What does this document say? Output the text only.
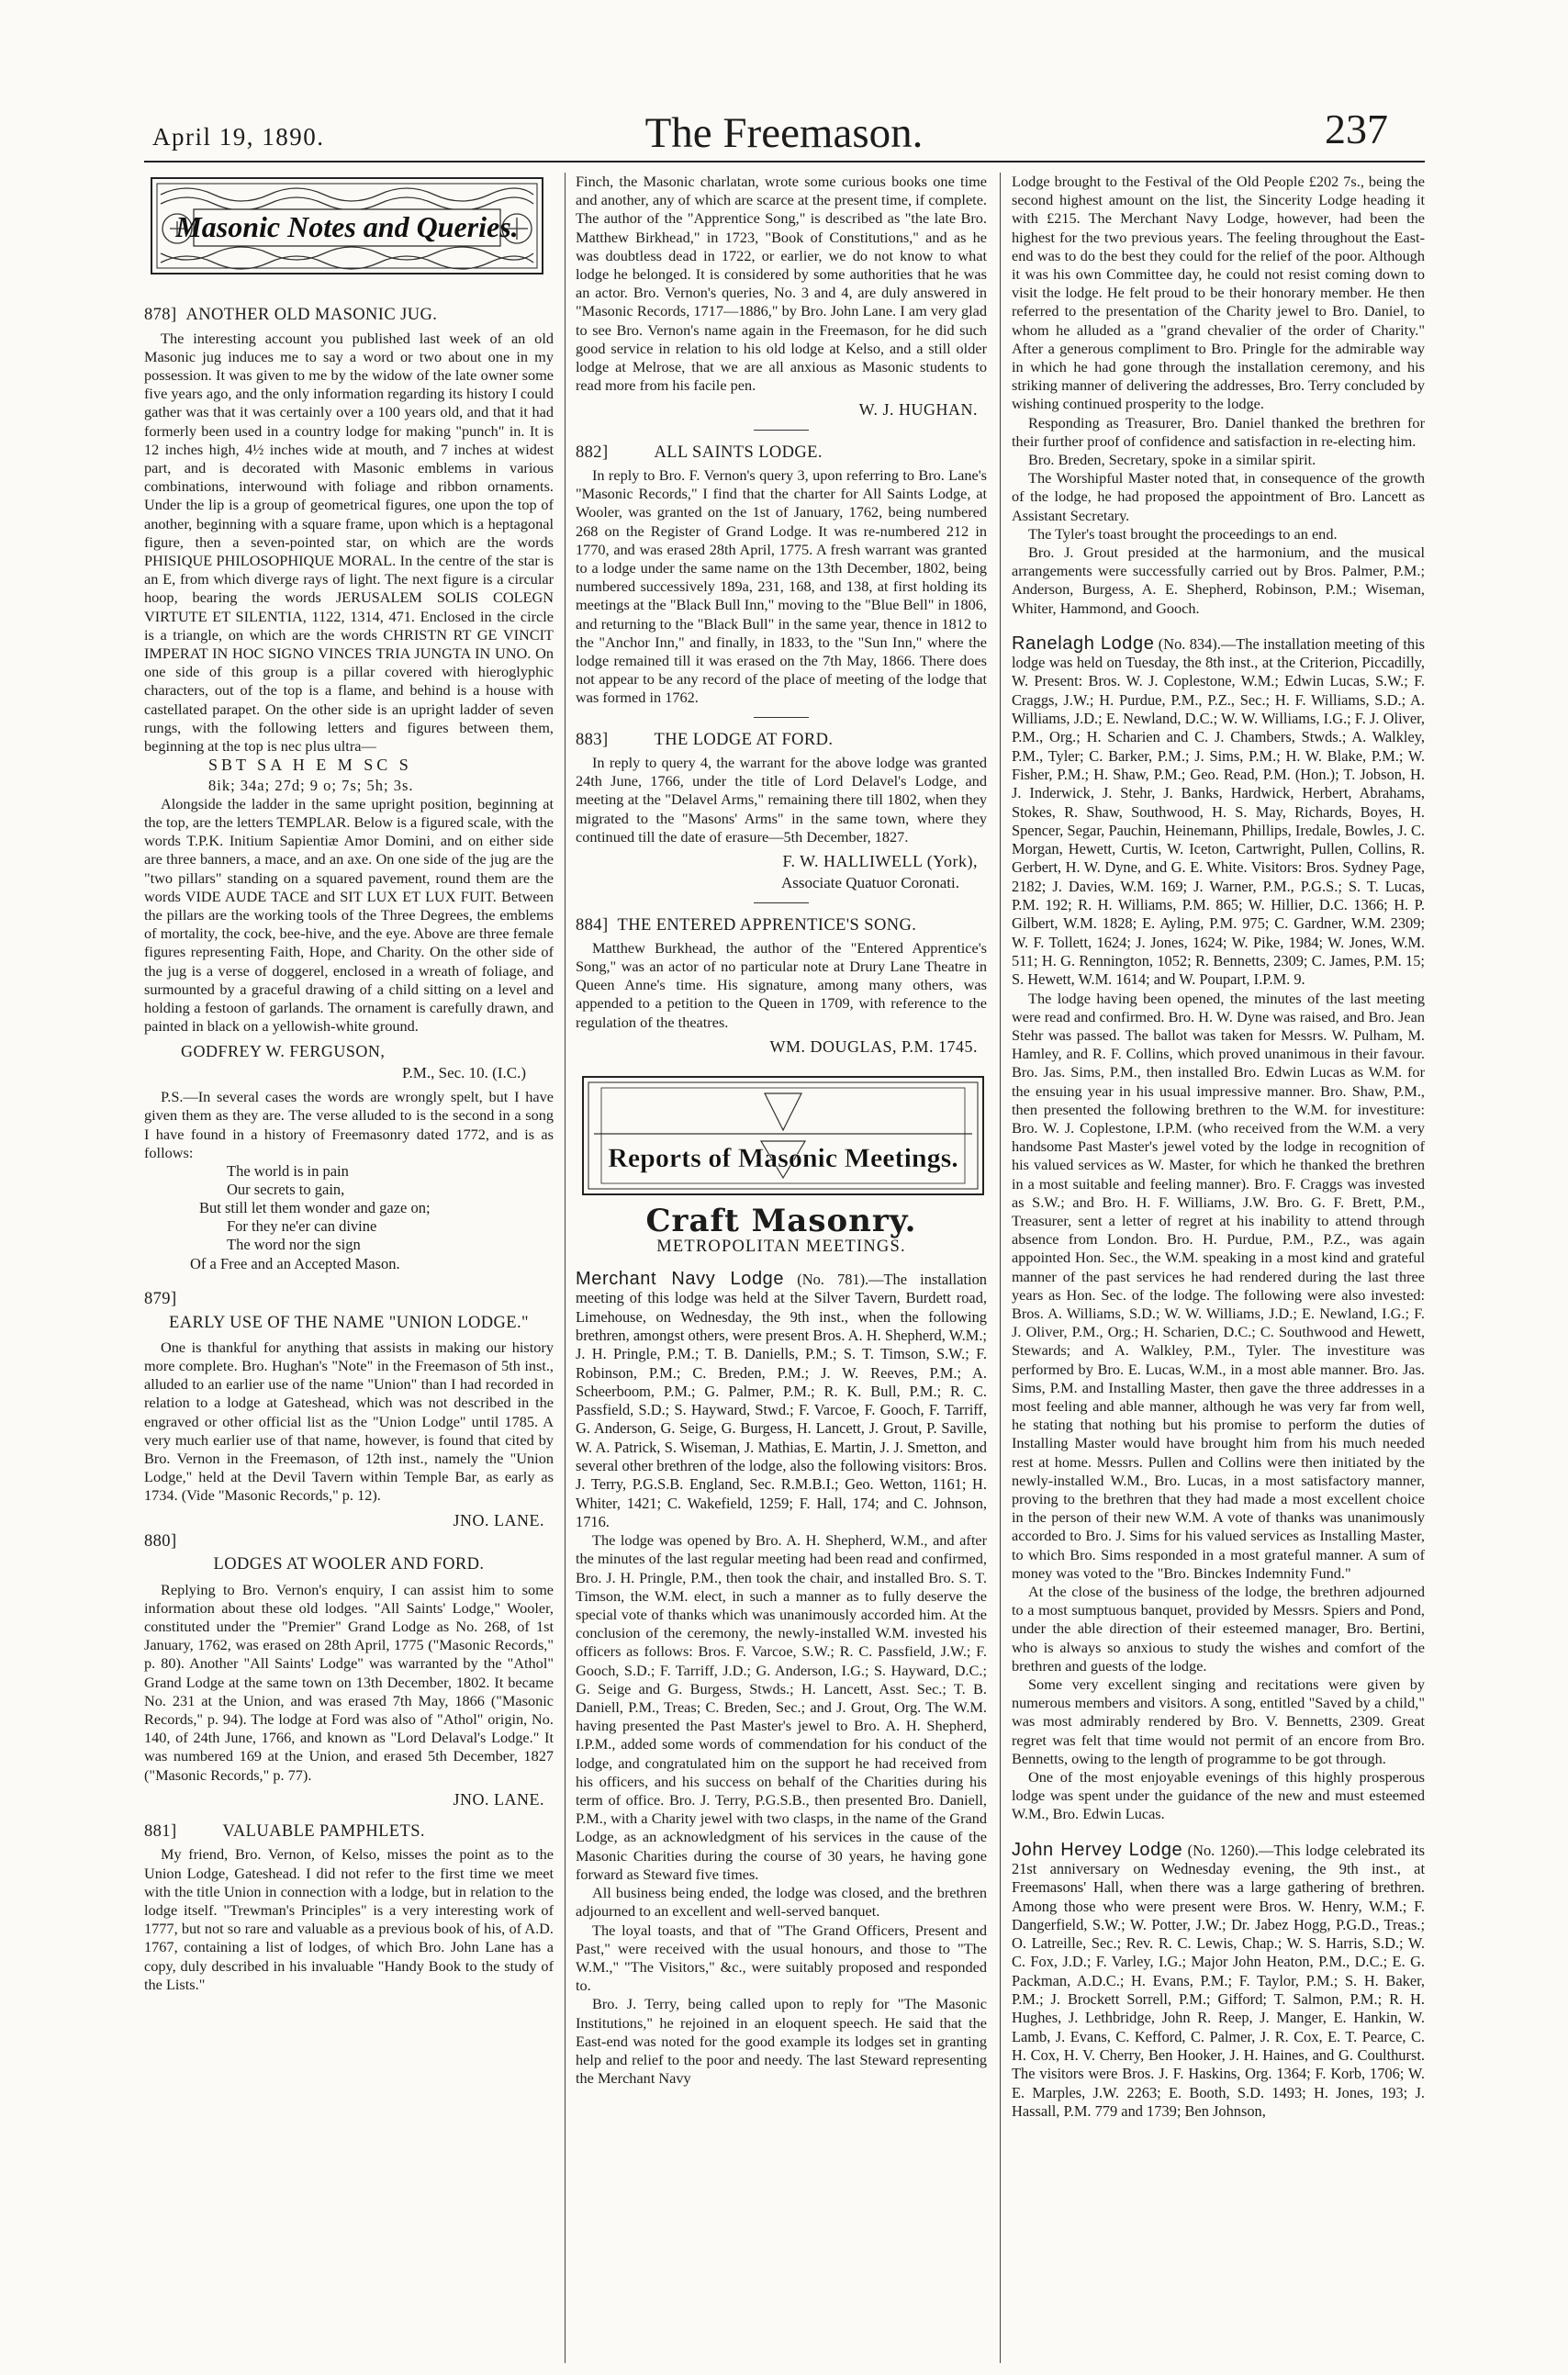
April 19, 1890.	The Freemason.	237
Masonic Notes and Queries.

878] ANOTHER OLD MASONIC JUG.

The interesting account you published last week of an old Masonic jug induces me to say a word or two about one in my possession. It was given to me by the widow of the late owner some five years ago, and the only information regarding its history I could gather was that it was certainly over a 100 years old, and that it had formerly been used in a country lodge for making "punch" in. It is 12 inches high, 4½ inches wide at mouth, and 7 inches at widest part, and is decorated with Masonic emblems in various combinations, interwound with foliage and ribbon ornaments. Under the lip is a group of geometrical figures, one upon the top of another, beginning with a square frame, upon which is a heptagonal figure, then a seven-pointed star, on which are the words PHISIQUE PHILOSOPHIQUE MORAL. In the centre of the star is an E, from which diverge rays of light. The next figure is a circular hoop, bearing the words JERUSALEM SOLIS COLEGN VIRTUTE ET SILENTIA, 1122, 1314, 471. Enclosed in the circle is a triangle, on which are the words CHRISTN RT GE VINCIT IMPERAT IN HOC SIGNO VINCES TRIA JUNGTA IN UNO. On one side of this group is a pillar covered with hieroglyphic characters, out of the top is a flame, and behind is a house with castellated parapet. On the other side is an upright ladder of seven rungs, with the following letters and figures between them, beginning at the top is nec plus ultra—

SBT SA H E M SC S

8ik; 34a; 27d; 9 o; 7s; 5h; 3s.

Alongside the ladder in the same upright position, beginning at the top, are the letters TEMPLAR. Below is a figured scale, with the words T.P.K. Initium Sapientiæ Amor Domini, and on either side are three banners, a mace, and an axe. On one side of the jug are the "two pillars" standing on a squared pavement, round them are the words VIDE AUDE TACE and SIT LUX ET LUX FUIT. Between the pillars are the working tools of the Three Degrees, the emblems of mortality, the cock, bee-hive, and the eye. Above are three female figures representing Faith, Hope, and Charity. On the other side of the jug is a verse of doggerel, enclosed in a wreath of foliage, and surmounted by a graceful drawing of a child sitting on a level and holding a festoon of garlands. The ornament is carefully drawn, and painted in black on a yellowish-white ground.

GODFREY W. FERGUSON,

P.M., Sec. 10. (I.C.)

P.S.—In several cases the words are wrongly spelt, but I have given them as they are. The verse alluded to is the second in a song I have found in a history of Freemasonry dated 1772, and is as follows:

The world is in pain

Our secrets to gain,

But still let them wonder and gaze on;

For they ne'er can divine

The word nor the sign

Of a Free and an Accepted Mason.

879]

EARLY USE OF THE NAME "UNION LODGE."

One is thankful for anything that assists in making our history more complete. Bro. Hughan's "Note" in the Freemason of 5th inst., alluded to an earlier use of the name "Union" than I had recorded in relation to a lodge at Gateshead, which was not described in the engraved or other official list as the "Union Lodge" until 1785. A very much earlier use of that name, however, is found that cited by Bro. Vernon in the Freemason, of 12th inst., namely the "Union Lodge," held at the Devil Tavern within Temple Bar, as early as 1734. (Vide "Masonic Records," p. 12).

JNO. LANE.

880]

LODGES AT WOOLER AND FORD.

Replying to Bro. Vernon's enquiry, I can assist him to some information about these old lodges. "All Saints' Lodge," Wooler, constituted under the "Premier" Grand Lodge as No. 268, of 1st January, 1762, was erased on 28th April, 1775 ("Masonic Records," p. 80). Another "All Saints' Lodge" was warranted by the "Athol" Grand Lodge at the same town on 13th December, 1802. It became No. 231 at the Union, and was erased 7th May, 1866 ("Masonic Records," p. 94). The lodge at Ford was also of "Athol" origin, No. 140, of 24th June, 1766, and known as "Lord Delaval's Lodge." It was numbered 169 at the Union, and erased 5th December, 1827 ("Masonic Records," p. 77).

JNO. LANE.

881]	VALUABLE PAMPHLETS.

My friend, Bro. Vernon, of Kelso, misses the point as to the Union Lodge, Gateshead. I did not refer to the first time we meet with the title Union in connection with a lodge, but in relation to the lodge itself. "Trewman's Principles" is a very interesting work of 1777, but not so rare and valuable as a previous book of his, of A.D. 1767, containing a list of lodges, of which Bro. John Lane has a copy, duly described in his invaluable "Handy Book to the study of the Lists."

Finch, the Masonic charlatan, wrote some curious books one time and another, any of which are scarce at the present time, if complete. The author of the "Apprentice Song," is described as "the late Bro. Matthew Birkhead," in 1723, "Book of Constitutions," and as he was doubtless dead in 1722, or earlier, we do not know to what lodge he belonged. It is considered by some authorities that he was an actor. Bro. Vernon's queries, No. 3 and 4, are duly answered in "Masonic Records, 1717—1886," by Bro. John Lane. I am very glad to see Bro. Vernon's name again in the Freemason, for he did such good service in relation to his old lodge at Kelso, and a still older lodge at Melrose, that we are all anxious as Masonic students to read more from his facile pen.

W. J. HUGHAN.

882]	ALL SAINTS LODGE.

In reply to Bro. F. Vernon's query 3, upon referring to Bro. Lane's "Masonic Records," I find that the charter for All Saints Lodge, at Wooler, was granted on the 1st of January, 1762, being numbered 268 on the Register of Grand Lodge. It was re-numbered 212 in 1770, and was erased 28th April, 1775. A fresh warrant was granted to a lodge under the same name on the 13th December, 1802, being numbered successively 189a, 231, 168, and 138, at first holding its meetings at the "Black Bull Inn," moving to the "Blue Bell" in 1806, and returning to the "Black Bull" in the same year, thence in 1812 to the "Anchor Inn," and finally, in 1833, to the "Sun Inn," where the lodge remained till it was erased on the 7th May, 1866. There does not appear to be any record of the place of meeting of the lodge that was formed in 1762.

883]	THE LODGE AT FORD.

In reply to query 4, the warrant for the above lodge was granted 24th June, 1766, under the title of Lord Delavel's Lodge, and meeting at the "Delavel Arms," remaining there till 1802, when they migrated to the "Masons' Arms" in the same town, where they continued till the date of erasure—5th December, 1827.

F. W. HALLIWELL (York),

Associate Quatuor Coronati.

884] THE ENTERED APPRENTICE'S SONG.

Matthew Burkhead, the author of the "Entered Apprentice's Song," was an actor of no particular note at Drury Lane Theatre in Queen Anne's time. His signature, among many others, was appended to a petition to the Queen in 1709, with reference to the regulation of the theatres.

WM. DOUGLAS, P.M. 1745.

Reports of Masonic Meetings.

Craft Masonry.

METROPOLITAN MEETINGS.

Merchant Navy Lodge (No. 781).—The installation meeting of this lodge was held at the Silver Tavern, Burdett road, Limehouse, on Wednesday, the 9th inst., when the following brethren, amongst others, were present Bros. A. H. Shepherd, W.M.; J. H. Pringle, P.M.; T. B. Daniells, P.M.; S. T. Timson, S.W.; F. Robinson, P.M.; C. Breden, P.M.; J. W. Reeves, P.M.; A. Scheerboom, P.M.; G. Palmer, P.M.; R. K. Bull, P.M.; R. C. Passfield, S.D.; S. Hayward, Stwd.; F. Varcoe, F. Gooch, F. Tarriff, G. Anderson, G. Seige, G. Burgess, H. Lancett, J. Grout, P. Saville, W. A. Patrick, S. Wiseman, J. Mathias, E. Martin, J. J. Smetton, and several other brethren of the lodge, also the following visitors: Bros. J. Terry, P.G.S.B. England, Sec. R.M.B.I.; Geo. Wetton, 1161; H. Whiter, 1421; C. Wakefield, 1259; F. Hall, 174; and C. Johnson, 1716.

The lodge was opened by Bro. A. H. Shepherd, W.M., and after the minutes of the last regular meeting had been read and confirmed, Bro. J. H. Pringle, P.M., then took the chair, and installed Bro. S. T. Timson, the W.M. elect, in such a manner as to fully deserve the special vote of thanks which was unanimously accorded him. At the conclusion of the ceremony, the newly-installed W.M. invested his officers as follows: Bros. F. Varcoe, S.W.; R. C. Passfield, J.W.; F. Gooch, S.D.; F. Tarriff, J.D.; G. Anderson, I.G.; S. Hayward, D.C.; G. Seige and G. Burgess, Stwds.; H. Lancett, Asst. Sec.; T. B. Daniell, P.M., Treas; C. Breden, Sec.; and J. Grout, Org. The W.M. having presented the Past Master's jewel to Bro. A. H. Shepherd, I.P.M., added some words of commendation for his conduct of the lodge, and congratulated him on the support he had received from his officers, and his success on behalf of the Charities during his term of office. Bro. J. Terry, P.G.S.B., then presented Bro. Daniell, P.M., with a Charity jewel with two clasps, in the name of the Grand Lodge, as an acknowledgment of his services in the cause of the Masonic Charities during the course of 30 years, he having gone forward as Steward five times.

All business being ended, the lodge was closed, and the brethren adjourned to an excellent and well-served banquet.

The loyal toasts, and that of "The Grand Officers, Present and Past," were received with the usual honours, and those to "The W.M.," "The Visitors," &c., were suitably proposed and responded to.

Bro. J. Terry, being called upon to reply for "The Masonic Institutions," he rejoined in an eloquent speech. He said that the East-end was noted for the good example its lodges set in granting help and relief to the poor and needy. The last Steward representing the Merchant Navy

Lodge brought to the Festival of the Old People £202 7s., being the second highest amount on the list, the Sincerity Lodge heading it with £215. The Merchant Navy Lodge, however, had been the highest for the two previous years. The feeling throughout the East-end was to do the best they could for the relief of the poor. Although it was his own Committee day, he could not resist coming down to visit the lodge. He felt proud to be their honorary member. He then referred to the presentation of the Charity jewel to Bro. Daniel, to whom he alluded as a "grand chevalier of the order of Charity." After a generous compliment to Bro. Pringle for the admirable way in which he had gone through the installation ceremony, and his striking manner of delivering the addresses, Bro. Terry concluded by wishing continued prosperity to the lodge.

Responding as Treasurer, Bro. Daniel thanked the brethren for their further proof of confidence and satisfaction in re-electing him.

Bro. Breden, Secretary, spoke in a similar spirit.

The Worshipful Master noted that, in consequence of the growth of the lodge, he had proposed the appointment of Bro. Lancett as Assistant Secretary.

The Tyler's toast brought the proceedings to an end.

Bro. J. Grout presided at the harmonium, and the musical arrangements were successfully carried out by Bros. Palmer, P.M.; Anderson, Burgess, A. E. Shepherd, Robinson, P.M.; Wiseman, Whiter, Hammond, and Gooch.

Ranelagh Lodge (No. 834).—The installation meeting of this lodge was held on Tuesday, the 8th inst., at the Criterion, Piccadilly, W. Present: Bros. W. J. Coplestone, W.M.; Edwin Lucas, S.W.; F. Craggs, J.W.; H. Purdue, P.M., P.Z., Sec.; H. F. Williams, S.D.; A. Williams, J.D.; E. Newland, D.C.; W. W. Williams, I.G.; F. J. Oliver, P.M., Org.; H. Scharien and C. J. Chambers, Stwds.; A. Walkley, P.M., Tyler; C. Barker, P.M.; J. Sims, P.M.; H. W. Blake, P.M.; W. Fisher, P.M.; H. Shaw, P.M.; Geo. Read, P.M. (Hon.); T. Jobson, H. J. Inderwick, J. Stehr, J. Banks, Hardwick, Herbert, Abrahams, Stokes, R. Shaw, Southwood, H. S. May, Richards, Boyes, H. Spencer, Segar, Pauchin, Heinemann, Phillips, Iredale, Bowles, J. C. Morgan, Hewett, Curtis, W. Iceton, Cartwright, Pullen, Collins, R. Gerbert, H. W. Dyne, and G. E. White. Visitors: Bros. Sydney Page, 2182; J. Davies, W.M. 169; J. Warner, P.M., P.G.S.; S. T. Lucas, P.M. 192; R. H. Williams, P.M. 865; W. Hillier, D.C. 1366; H. P. Gilbert, W.M. 1828; E. Ayling, P.M. 975; C. Gardner, W.M. 2309; W. F. Tollett, 1624; J. Jones, 1624; W. Pike, 1984; W. Jones, W.M. 511; H. G. Rennington, 1052; R. Bennetts, 2309; C. James, P.M. 15; S. Hewett, W.M. 1614; and W. Poupart, I.P.M. 9.

The lodge having been opened, the minutes of the last meeting were read and confirmed. Bro. H. W. Dyne was raised, and Bro. Jean Stehr was passed. The ballot was taken for Messrs. W. Pulham, M. Hamley, and R. F. Collins, which proved unanimous in their favour. Bro. Jas. Sims, P.M., then installed Bro. Edwin Lucas as W.M. for the ensuing year in his usual impressive manner. Bro. Shaw, P.M., then presented the following brethren to the W.M. for investiture: Bro. W. J. Coplestone, I.P.M. (who received from the W.M. a very handsome Past Master's jewel voted by the lodge in recognition of his valued services as W. Master, for which he thanked the brethren in a most suitable and feeling manner). Bro. F. Craggs was invested as S.W.; and Bro. H. F. Williams, J.W. Bro. G. F. Brett, P.M., Treasurer, sent a letter of regret at his inability to attend through absence from London. Bro. H. Purdue, P.M., P.Z., was again appointed Hon. Sec., the W.M. speaking in a most kind and grateful manner of the past services he had rendered during the last three years as Hon. Sec. of the lodge. The following were also invested: Bros. A. Williams, S.D.; W. W. Williams, J.D.; E. Newland, I.G.; F. J. Oliver, P.M., Org.; H. Scharien, D.C.; C. Southwood and Hewett, Stewards; and A. Walkley, P.M., Tyler. The investiture was performed by Bro. E. Lucas, W.M., in a most able manner. Bro. Jas. Sims, P.M. and Installing Master, then gave the three addresses in a most feeling and able manner, although he was very far from well, he stating that nothing but his promise to perform the duties of Installing Master would have brought him from his much needed rest at home. Messrs. Pullen and Collins were then initiated by the newly-installed W.M., Bro. Lucas, in a most satisfactory manner, proving to the brethren that they had made a most excellent choice in the person of their new W.M. A vote of thanks was unanimously accorded to Bro. J. Sims for his valued services as Installing Master, to which Bro. Sims responded in a most grateful manner. A sum of money was voted to the "Bro. Binckes Indemnity Fund."

At the close of the business of the lodge, the brethren adjourned to a most sumptuous banquet, provided by Messrs. Spiers and Pond, under the able direction of their esteemed manager, Bro. Bertini, who is always so anxious to study the wishes and comfort of the brethren and guests of the lodge.

Some very excellent singing and recitations were given by numerous members and visitors. A song, entitled "Saved by a child," was most admirably rendered by Bro. V. Bennetts, 2309. Great regret was felt that time would not permit of an encore from Bro. Bennetts, owing to the length of programme to be got through.

One of the most enjoyable evenings of this highly prosperous lodge was spent under the guidance of the new and must esteemed W.M., Bro. Edwin Lucas.

John Hervey Lodge (No. 1260).—This lodge celebrated its 21st anniversary on Wednesday evening, the 9th inst., at Freemasons' Hall, when there was a large gathering of brethren. Among those who were present were Bros. W. Henry, W.M.; F. Dangerfield, S.W.; W. Potter, J.W.; Dr. Jabez Hogg, P.G.D., Treas.; O. Latreille, Sec.; Rev. R. C. Lewis, Chap.; W. S. Harris, S.D.; W. C. Fox, J.D.; F. Varley, I.G.; Major John Heaton, P.M., D.C.; E. G. Packman, A.D.C.; H. Evans, P.M.; F. Taylor, P.M.; S. H. Baker, P.M.; J. Brockett Sorrell, P.M.; Gifford; T. Salmon, P.M.; R. H. Hughes, J. Lethbridge, John R. Reep, J. Manger, E. Hankin, W. Lamb, J. Evans, C. Kefford, C. Palmer, J. R. Cox, E. T. Pearce, C. H. Cox, H. V. Cherry, Ben Hooker, J. H. Haines, and G. Coulthurst. The visitors were Bros. J. F. Haskins, Org. 1364; F. Korb, 1706; W. E. Marples, J.W. 2263; E. Booth, S.D. 1493; H. Jones, 193; J. Hassall, P.M. 779 and 1739; Ben Johnson,
